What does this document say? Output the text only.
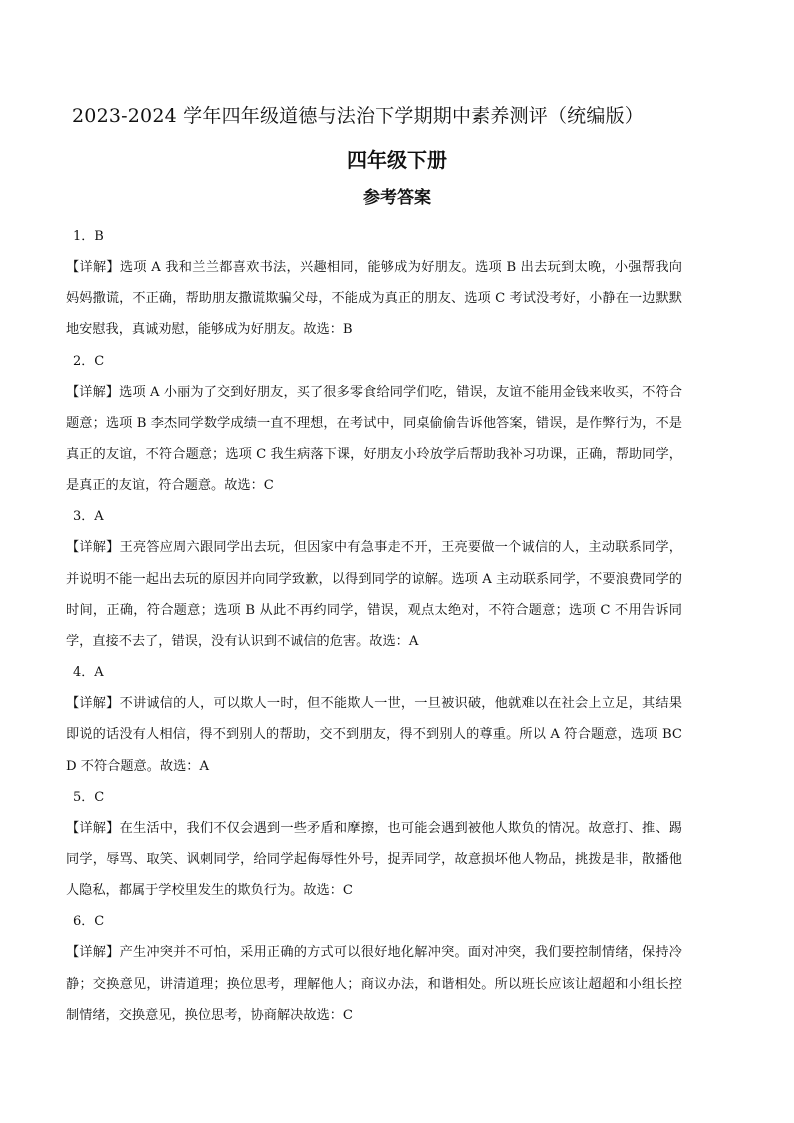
2023-2024 学年四年级道德与法治下学期期中素养测评（统编版）
四年级下册
参考答案
1．B
【详解】选项 A 我和兰兰都喜欢书法，兴趣相同，能够成为好朋友。选项 B 出去玩到太晚，小强帮我向妈妈撒谎，不正确，帮助朋友撒谎欺骗父母，不能成为真正的朋友、选项 C 考试没考好，小静在一边默默地安慰我，真诚劝慰，能够成为好朋友。故选：B
2．C
【详解】选项 A 小丽为了交到好朋友，买了很多零食给同学们吃，错误，友谊不能用金钱来收买，不符合题意；选项 B 李杰同学数学成绩一直不理想，在考试中，同桌偷偷告诉他答案，错误，是作弊行为，不是真正的友谊，不符合题意；选项 C 我生病落下课，好朋友小玲放学后帮助我补习功课，正确，帮助同学，是真正的友谊，符合题意。故选：C
3．A
【详解】王亮答应周六跟同学出去玩，但因家中有急事走不开，王亮要做一个诚信的人，主动联系同学，并说明不能一起出去玩的原因并向同学致歉，以得到同学的谅解。选项 A 主动联系同学，不要浪费同学的时间，正确，符合题意；选项 B 从此不再约同学，错误，观点太绝对，不符合题意；选项 C 不用告诉同学，直接不去了，错误，没有认识到不诚信的危害。故选：A
4．A
【详解】不讲诚信的人，可以欺人一时，但不能欺人一世，一旦被识破，他就难以在社会上立足，其结果即说的话没有人相信，得不到别人的帮助，交不到朋友，得不到别人的尊重。所以 A 符合题意，选项 BCD 不符合题意。故选：A
5．C
【详解】在生活中，我们不仅会遇到一些矛盾和摩擦，也可能会遇到被他人欺负的情况。故意打、推、踢同学，辱骂、取笑、讽刺同学，给同学起侮辱性外号，捉弄同学，故意损坏他人物品，挑拨是非，散播他人隐私，都属于学校里发生的欺负行为。故选：C
6．C
【详解】产生冲突并不可怕，采用正确的方式可以很好地化解冲突。面对冲突，我们要控制情绪，保持冷静；交换意见，讲清道理；换位思考，理解他人；商议办法，和谐相处。所以班长应该让超超和小组长控制情绪，交换意见，换位思考，协商解决故选：C
